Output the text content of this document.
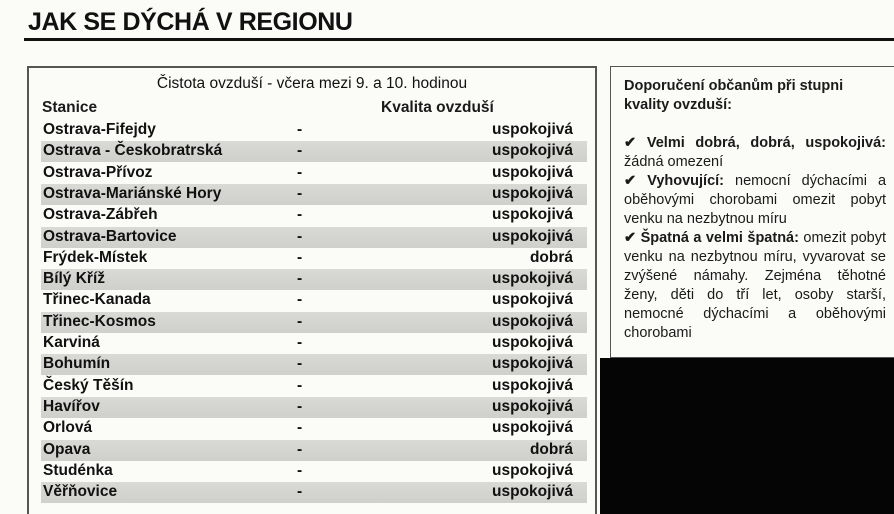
JAK SE DÝCHÁ V REGIONU
Čistota ovzduší - včera mezi 9. a 10. hodinou
Stanice	Kvalita ovzduší
Ostrava-Fifejdy	-	uspokojivá
Ostrava - Českobratrská	-	uspokojivá
Ostrava-Přívoz	-	uspokojivá
Ostrava-Mariánské Hory	-	uspokojivá
Ostrava-Zábřeh	-	uspokojivá
Ostrava-Bartovice	-	uspokojivá
Frýdek-Místek	-	dobrá
Bílý Kříž	-	uspokojivá
Třinec-Kanada	-	uspokojivá
Třinec-Kosmos	-	uspokojivá
Karviná	-	uspokojivá
Bohumín	-	uspokojivá
Český Těšín	-	uspokojivá
Havířov	-	uspokojivá
Orlová	-	uspokojivá
Opava	-	dobrá
Studénka	-	uspokojivá
Věřňovice	-	uspokojivá
Doporučení občanům při stupni kvality ovzduší:

✔ Velmi dobrá, dobrá, uspokojivá: žádná omezení

✔ Vyhovující: nemocní dýchacími a oběhovými chorobami omezit pobyt venku na nezbytnou míru

✔ Špatná a velmi špatná: omezit pobyt venku na nezbytnou míru, vyvarovat se zvýšené námahy. Zejména těhotné ženy, děti do tří let, osoby starší, nemocné dýchacími a oběhovými chorobami
